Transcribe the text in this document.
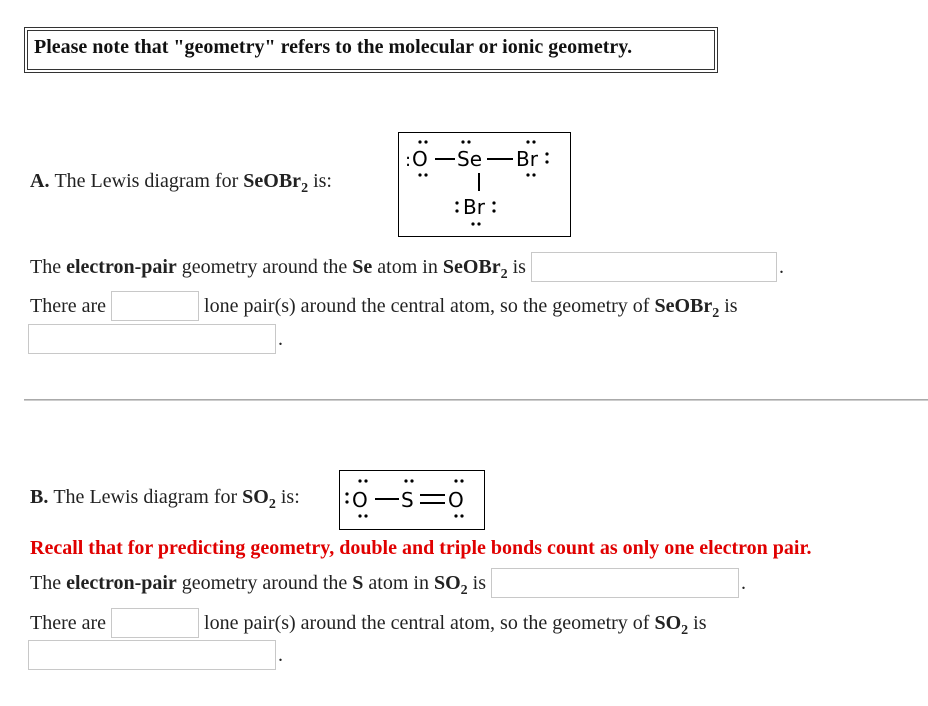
Please note that "geometry" refers to the molecular or ionic geometry.
A.
The Lewis diagram for
SeOBr$_2$
is:
: O Se Br
Br
The
electron-pair
geometry around the
Se
atom in
SeOBr$_2$
is
	.
There are

	lone pair(s) around the central atom, so the geometry of
SeOBr$_2$
is
.
B.
The Lewis diagram for
$SO_2$
is:	O S O
Recall that for predicting geometry, double and triple bonds count as only one electron pair.
The
electron-pair
geometry around the
S
atom in
$SO_2$
is
	.
There are

	lone pair(s) around the central atom, so the geometry of
$SO_2$
is
.
